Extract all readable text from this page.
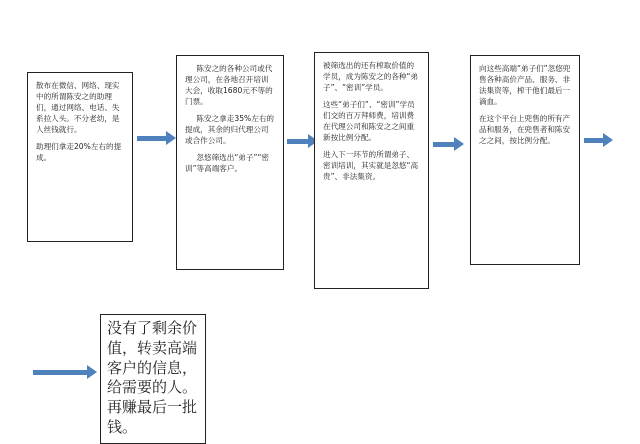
散布在微信、网络、现实中的所谓陈安之的助理们，通过网络、电话、失系拉人头。不分老幼，是人丝钱就行。

助理们拿走20%左右的提成。

陈安之的各种公司或代理公司，在各地召开培训大会，收取1680元不等的门票。

陈安之拿走35%左右的提成，其余的归代理公司或合作公司。

忽悠筛选出“弟子”“密训”等高端客户。

被筛选出的还有榨取价值的学员，成为陈安之的各种“弟子”、“密训”学员。

这些“弟子们”、“密训”学员们交的百万拜师费，培训费在代理公司和陈安之之间重新按比例分配。

进入下一环节的所谓弟子、密训培训，其实就是忽悠“高贵”、非法集资。

向这些高端“弟子们”忽悠兜售各种高价产品、服务、非法集资等，榨干他们最后一滴血。

在这个平台上兜售的所有产品和服务，在兜售者和陈安之之间，按比例分配。

没有了剩余价值，转卖高端客户的信息，给需要的人。再赚最后一批钱。
